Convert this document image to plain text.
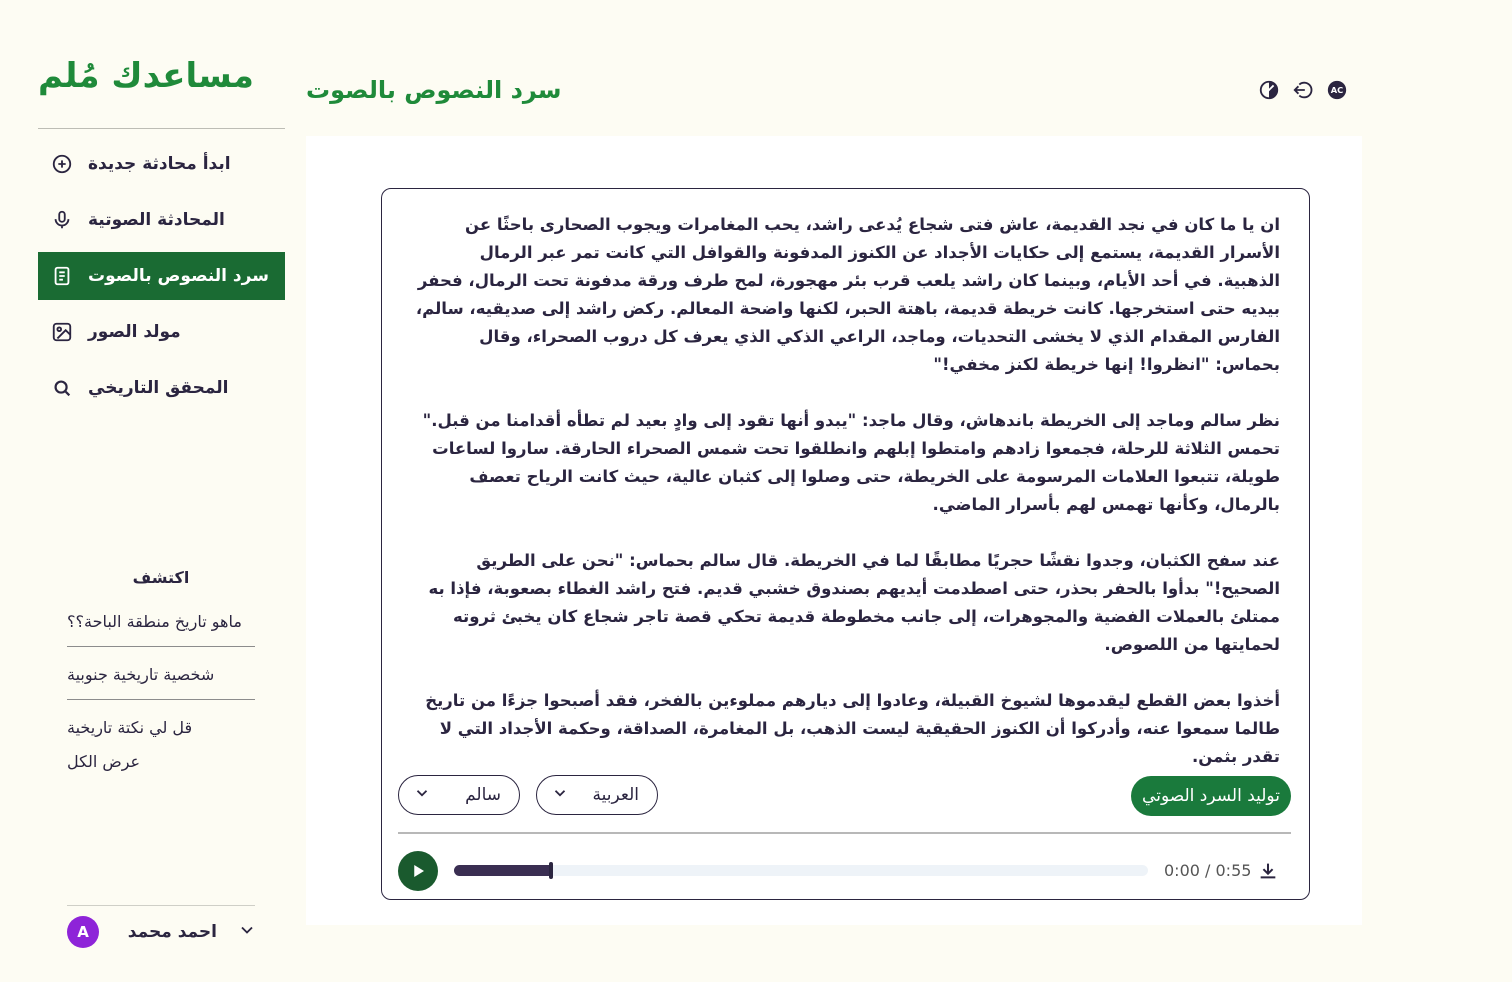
مساعدك مُلم
ابدأ محادثة جديدة
المحادثة الصوتية
سرد النصوص بالصوت
مولد الصور
المحقق التاريخي
اكتشف
ماهو تاريخ منطقة الباحة؟؟
شخصية تاريخية جنوبية
قل لي نكتة تاريخية
عرض الكل
A	احمد محمد
سرد النصوص بالصوت	AC

ان يا ما كان في نجد القديمة، عاش فتى شجاع يُدعى راشد، يحب المغامرات ويجوب الصحارى باحثًا عن الأسرار القديمة، يستمع إلى حكايات الأجداد عن الكنوز المدفونة والقوافل التي كانت تمر عبر الرمال الذهبية. في أحد الأيام، وبينما كان راشد يلعب قرب بئر مهجورة، لمح طرف ورقة مدفونة تحت الرمال، فحفر بيديه حتى استخرجها. كانت خريطة قديمة، باهتة الحبر، لكنها واضحة المعالم. ركض راشد إلى صديقيه، سالم، الفارس المقدام الذي لا يخشى التحديات، وماجد، الراعي الذكي الذي يعرف كل دروب الصحراء، وقال بحماس: "انظروا! إنها خريطة لكنز مخفي!"

نظر سالم وماجد إلى الخريطة باندهاش، وقال ماجد: "يبدو أنها تقود إلى وادٍ بعيد لم تطأه أقدامنا من قبل." تحمس الثلاثة للرحلة، فجمعوا زادهم وامتطوا إبلهم وانطلقوا تحت شمس الصحراء الحارقة. ساروا لساعات طويلة، تتبعوا العلامات المرسومة على الخريطة، حتى وصلوا إلى كثبان عالية، حيث كانت الرياح تعصف بالرمال، وكأنها تهمس لهم بأسرار الماضي.

عند سفح الكثبان، وجدوا نقشًا حجريًا مطابقًا لما في الخريطة. قال سالم بحماس: "نحن على الطريق الصحيح!" بدأوا بالحفر بحذر، حتى اصطدمت أيديهم بصندوق خشبي قديم. فتح راشد الغطاء بصعوبة، فإذا به ممتلئ بالعملات الفضية والمجوهرات، إلى جانب مخطوطة قديمة تحكي قصة تاجر شجاع كان يخبئ ثروته لحمايتها من اللصوص.

أخذوا بعض القطع ليقدموها لشيوخ القبيلة، وعادوا إلى ديارهم مملوءين بالفخر، فقد أصبحوا جزءًا من تاريخ طالما سمعوا عنه، وأدركوا أن الكنوز الحقيقية ليست الذهب، بل المغامرة، الصداقة، وحكمة الأجداد التي لا تقدر بثمن.

سالم	العربية	توليد السرد الصوتي
0:00 / 0:55
